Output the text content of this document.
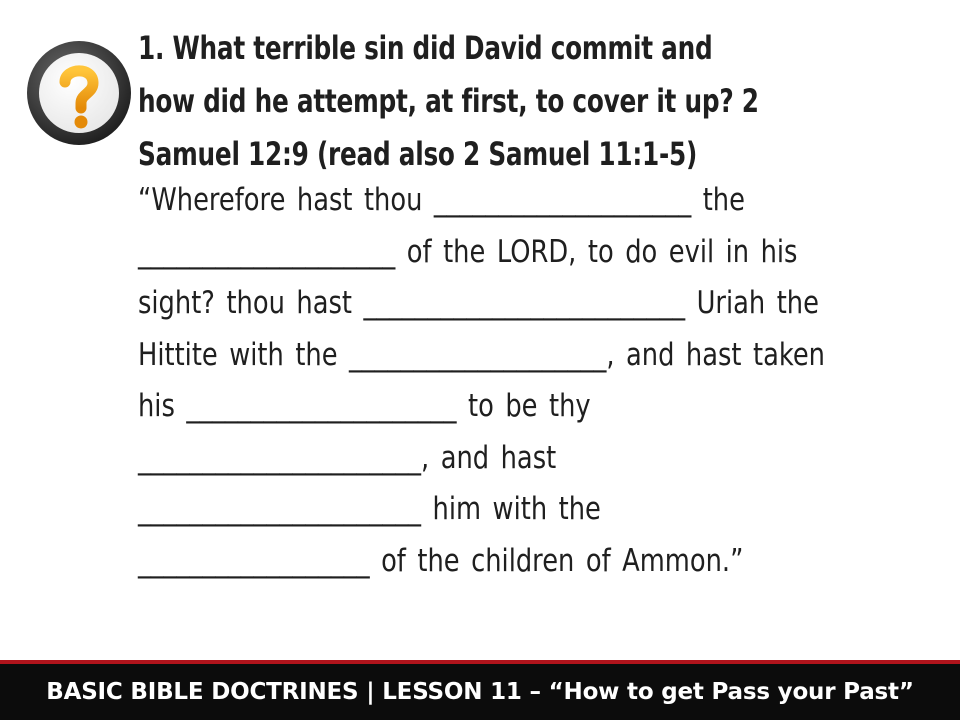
1. What terrible sin did David commit and
how did he attempt, at first, to cover it up? 2
Samuel 12:9 (read also 2 Samuel 11:1-5)

“Wherefore hast thou ____________________ the
____________________ of the LORD, to do evil in his
sight? thou hast _________________________ Uriah the
Hittite with the ____________________, and hast taken
his _____________________ to be thy
______________________, and hast
______________________ him with the
__________________ of the children of Ammon.”

BASIC BIBLE DOCTRINES | LESSON 11 – “How to get Pass your Past”
